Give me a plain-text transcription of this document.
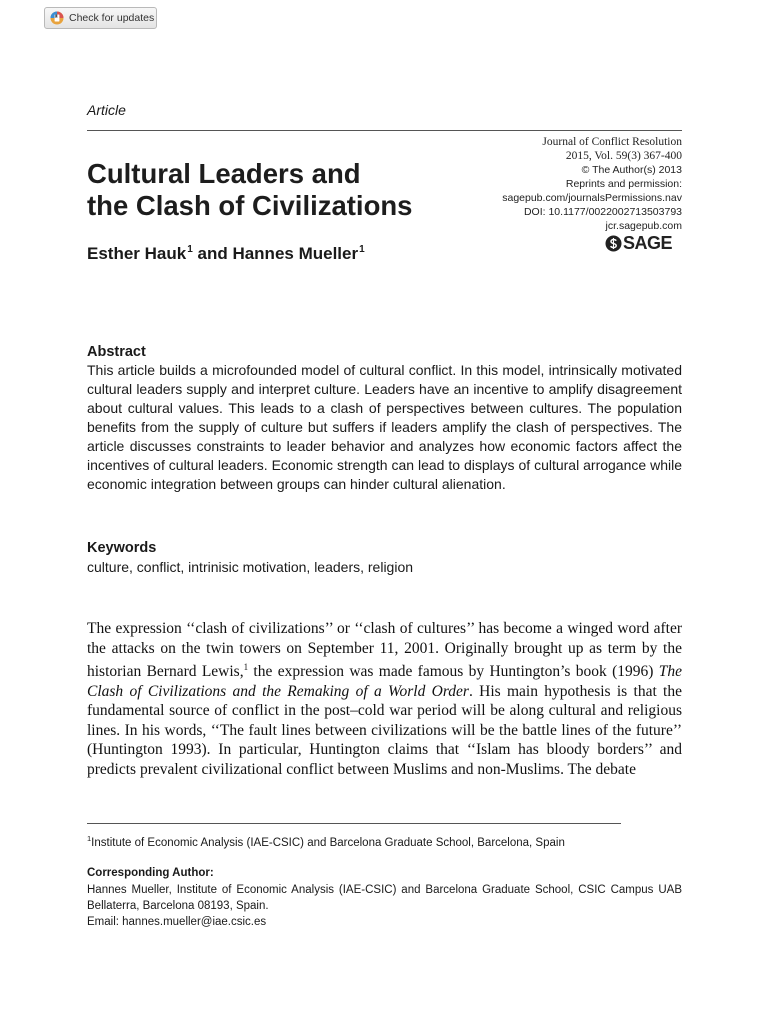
Check for updates
Article
Cultural Leaders and
the Clash of Civilizations
Esther Hauk$^1$ and Hannes Mueller$^1$
Journal of Conflict Resolution
2015, Vol. 59(3) 367-400
© The Author(s) 2013
Reprints and permission:
sagepub.com/journalsPermissions.nav
DOI: 10.1177/0022002713503793
jcr.sagepub.com
SAGE
Abstract
This article builds a microfounded model of cultural conflict. In this model, intrinsically motivated cultural leaders supply and interpret culture. Leaders have an incentive to amplify disagreement about cultural values. This leads to a clash of perspectives between cultures. The population benefits from the supply of culture but suffers if leaders amplify the clash of perspectives. The article discusses constraints to leader behavior and analyzes how economic factors affect the incentives of cultural leaders. Economic strength can lead to displays of cultural arrogance while economic integration between groups can hinder cultural alienation.
Keywords
culture, conflict, intrinisic motivation, leaders, religion
The expression ‘‘clash of civilizations’’ or ‘‘clash of cultures’’ has become a winged word after the attacks on the twin towers on September 11, 2001. Originally brought up as term by the historian Bernard Lewis,$^1$ the expression was made famous by Huntington’s book (1996) The Clash of Civilizations and the Remaking of a World Order. His main hypothesis is that the fundamental source of conflict in the post–cold war period will be along cultural and religious lines. In his words, ‘‘The fault lines between civilizations will be the battle lines of the future’’ (Huntington 1993). In particular, Huntington claims that ‘‘Islam has bloody borders’’ and predicts prevalent civilizational conflict between Muslims and non-Muslims. The debate
$^1$Institute of Economic Analysis (IAE-CSIC) and Barcelona Graduate School, Barcelona, Spain
Corresponding Author:
Hannes Mueller, Institute of Economic Analysis (IAE-CSIC) and Barcelona Graduate School, CSIC Campus UAB Bellaterra, Barcelona 08193, Spain.
Email: hannes.mueller@iae.csic.es
